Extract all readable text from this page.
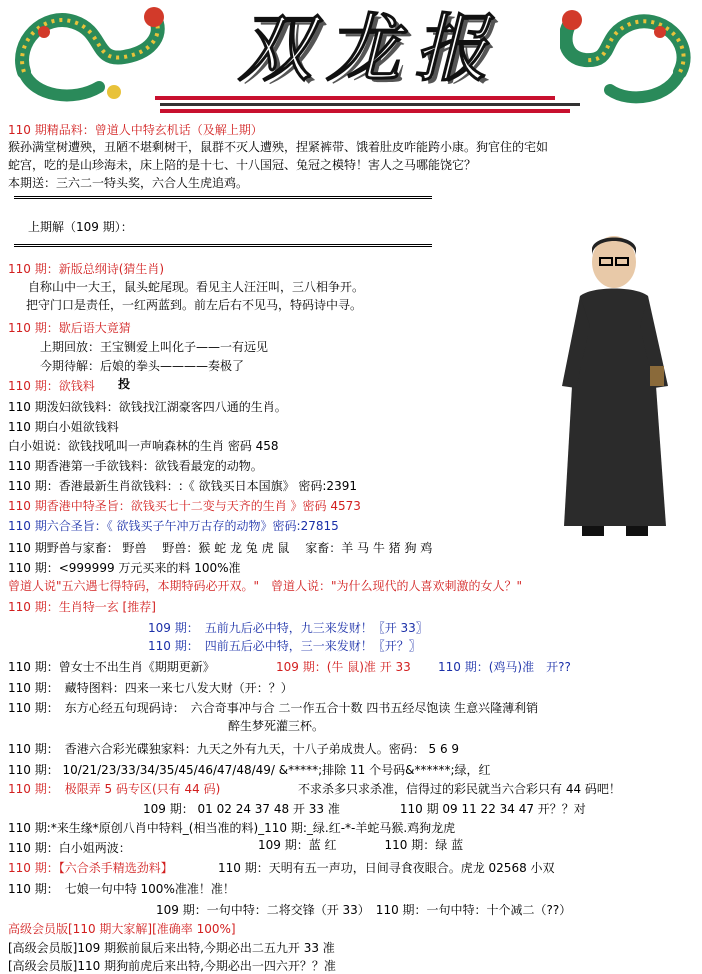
双龙报
110 期精品料：曾道人中特玄机话（及解上期）
猴孙满堂树遭殃，丑陋不堪剩树干，鼠群不灭人遭殃，捏紧裤带、饿着肚皮咋能跨小康。狗官住的宅如
蛇宫，吃的是山珍海未，床上陪的是十七、十八国冠、兔冠之模特！害人之马哪能饶它？
本期送：三六二一特头奖，六合人生虎追鸡。
上期解（109 期）：
110 期：新版总纲诗(猜生肖)
自称山中一大王，鼠头蛇尾现。看见主人汪汪叫，三八相争开。
把守门口是责任，一红两蓝到。前左后右不见马，特码诗中寻。
110 期：歇后语大竟猜
上期回放：王宝铡爱上叫化子——一有远见
今期待解：后娘的拳头————奏极了
110 期：欲钱料
110 期泼妇欲钱料：欲钱找江湖豪客四八通的生肖。
110 期白小姐欲钱料
白小姐说：欲钱找吼叫一声响森林的生肖 密码 458
110 期香港第一手欲钱料：欲钱看最宠的动物。
110 期：香港最新生肖欲钱料：:《 欲钱买日本国旗》 密码:2391
110 期香港中特圣旨：欲钱买七十二变与天齐的生肖 》密码 4573
110 期六合圣旨：《 欲钱买子午冲万古存的动物》密码:27815
110 期野兽与家畜： 野兽　 野兽：猴 蛇 龙 兔 虎 鼠　 家畜：羊 马 牛 猪 狗 鸡
110 期：<999999 万元买来的料 100%准
曾道人说"五六遇七得特码，本期特码必开双。"　曾道人说："为什么现代的人喜欢刺激的女人？"
110 期：生肖特一玄 [推荐]
109 期：　五前九后必中特，九三来发财！〖开 33〗
110 期：　四前五后必中特，三一来发财！〖开？〗
110 期：曾女士不出生肖《期期更新》	109 期：(牛 鼠)准 开 33 110 期：(鸡马)准　开??
110 期：　藏特图料：四来一来七八发大财（开：？）
110 期：　东方心经五句现码诗：　六合奇事冲与合 二一作五合十数 四书五经尽饱读 生意兴隆薄利销
醉生梦死灌三杯。
110 期：　香港六合彩光碟独家料：九天之外有九天，十八子弟成贵人。密码： 5 6 9
110 期： 10/21/23/33/34/35/45/46/47/48/49/ &*****;排除 11 个号码&******;绿，红
110 期：　极限弄 5 码专区(只有 44 码)	不求杀多只求杀准，信得过的彩民就当六合彩只有 44 码吧！
109 期： 01 02 24 37 48 开 33 准　　　　　110 期 09 11 22 34 47 开？？对
110 期:*来生缘*原创八肖中特料_(相当准的料)_110 期:_绿.红-*-羊蛇马猴.鸡狗龙虎
110 期：白小姐两波：	109 期：蓝 红　　　　110 期：绿 蓝
110 期：【六合杀手精选劲料】	110 期：天明有五一声功，日间寻食夜眼合。虎龙 02568 小双
110 期：　七娘一句中特 100%准准！准！
109 期：一句中特：二将交锋（开 33）　110 期：一句中特：十个减二（??）
高级会员版[110 期大家解][准确率 100%]
[高级会员版]109 期猴前鼠后来出特,今期必出二五九开 33 准
[高级会员版]110 期狗前虎后来出特,今期必出一四六开？？准
投
